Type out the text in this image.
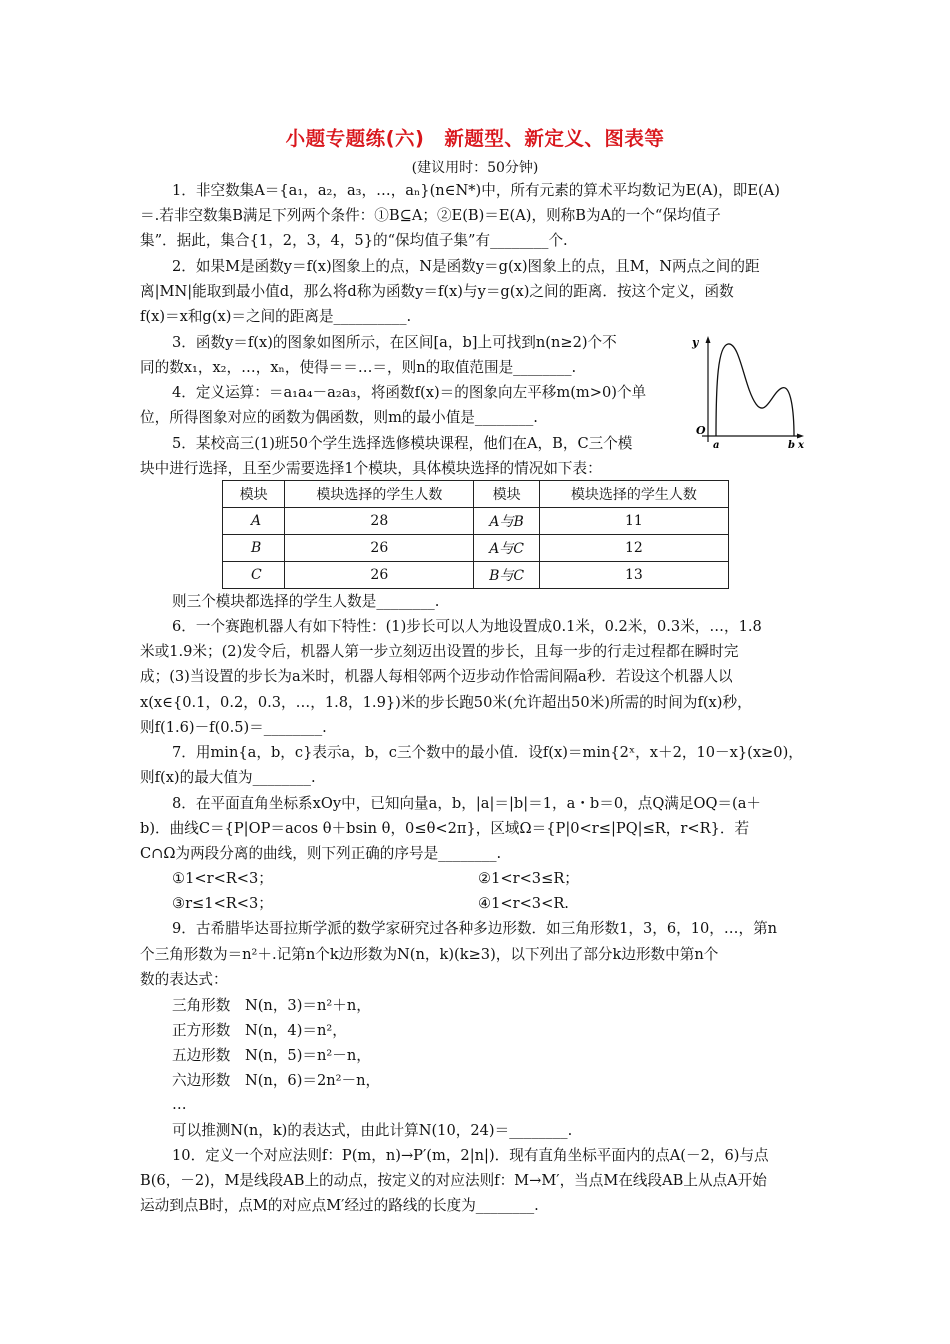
小题专题练(六)　新题型、新定义、图表等
(建议用时：50分钟)
1．非空数集A＝{a₁，a₂，a₃，…，aₙ}(n∈N*)中，所有元素的算术平均数记为E(A)，即E(A)
＝.若非空数集B满足下列两个条件：①B⊆A；②E(B)＝E(A)，则称B为A的一个“保均值子
集”．据此，集合{1，2，3，4，5}的“保均值子集”有________个.
2．如果M是函数y＝f(x)图象上的点，N是函数y＝g(x)图象上的点，且M，N两点之间的距
离|MN|能取到最小值d，那么将d称为函数y＝f(x)与y＝g(x)之间的距离．按这个定义，函数
f(x)＝x和g(x)＝之间的距离是__________.
3．函数y＝f(x)的图象如图所示，在区间[a，b]上可找到n(n≥2)个不
同的数x₁，x₂，…，xₙ，使得＝＝…＝，则n的取值范围是________.
4．定义运算：＝a₁a₄－a₂a₃，将函数f(x)＝的图象向左平移m(m>0)个单
位，所得图象对应的函数为偶函数，则m的最小值是________.
5．某校高三(1)班50个学生选择选修模块课程，他们在A，B，C三个模
块中进行选择，且至少需要选择1个模块，具体模块选择的情况如下表：
y
O
a	b x
模块	模块选择的学生人数	模块	模块选择的学生人数
A	28	A与B	11
B	26	A与C	12
C	26	B与C	13
则三个模块都选择的学生人数是________.
6．一个赛跑机器人有如下特性：(1)步长可以人为地设置成0.1米，0.2米，0.3米，…，1.8
米或1.9米；(2)发令后，机器人第一步立刻迈出设置的步长，且每一步的行走过程都在瞬时完
成；(3)当设置的步长为a米时，机器人每相邻两个迈步动作恰需间隔a秒．若设这个机器人以
x(x∈{0.1，0.2，0.3，…，1.8，1.9})米的步长跑50米(允许超出50米)所需的时间为f(x)秒，
则f(1.6)－f(0.5)＝________.
7．用min{a，b，c}表示a，b，c三个数中的最小值．设f(x)＝min{2ˣ，x＋2，10－x}(x≥0)，
则f(x)的最大值为________.
8．在平面直角坐标系xOy中，已知向量a，b，|a|＝|b|＝1，a・b＝0，点Q满足OQ＝(a＋
b)．曲线C＝{P|OP＝acos θ＋bsin θ，0≤θ<2π}，区域Ω＝{P|0<r≤|PQ|≤R，r<R}．若
C∩Ω为两段分离的曲线，则下列正确的序号是________.
①1<r<R<3；	②1<r<3≤R；
③r≤1<R<3；	④1<r<3<R.
9．古希腊毕达哥拉斯学派的数学家研究过各种多边形数．如三角形数1，3，6，10，…，第n
个三角形数为＝n²＋.记第n个k边形数为N(n，k)(k≥3)，以下列出了部分k边形数中第n个
数的表达式：
三角形数　N(n，3)＝n²＋n，
正方形数　N(n，4)＝n²，
五边形数　N(n，5)＝n²－n，
六边形数　N(n，6)＝2n²－n，
…
可以推测N(n，k)的表达式，由此计算N(10，24)＝________.
10．定义一个对应法则f：P(m，n)→P′(m，2|n|)．现有直角坐标平面内的点A(－2，6)与点
B(6，－2)，M是线段AB上的动点，按定义的对应法则f：M→M′，当点M在线段AB上从点A开始
运动到点B时，点M的对应点M′经过的路线的长度为________.
